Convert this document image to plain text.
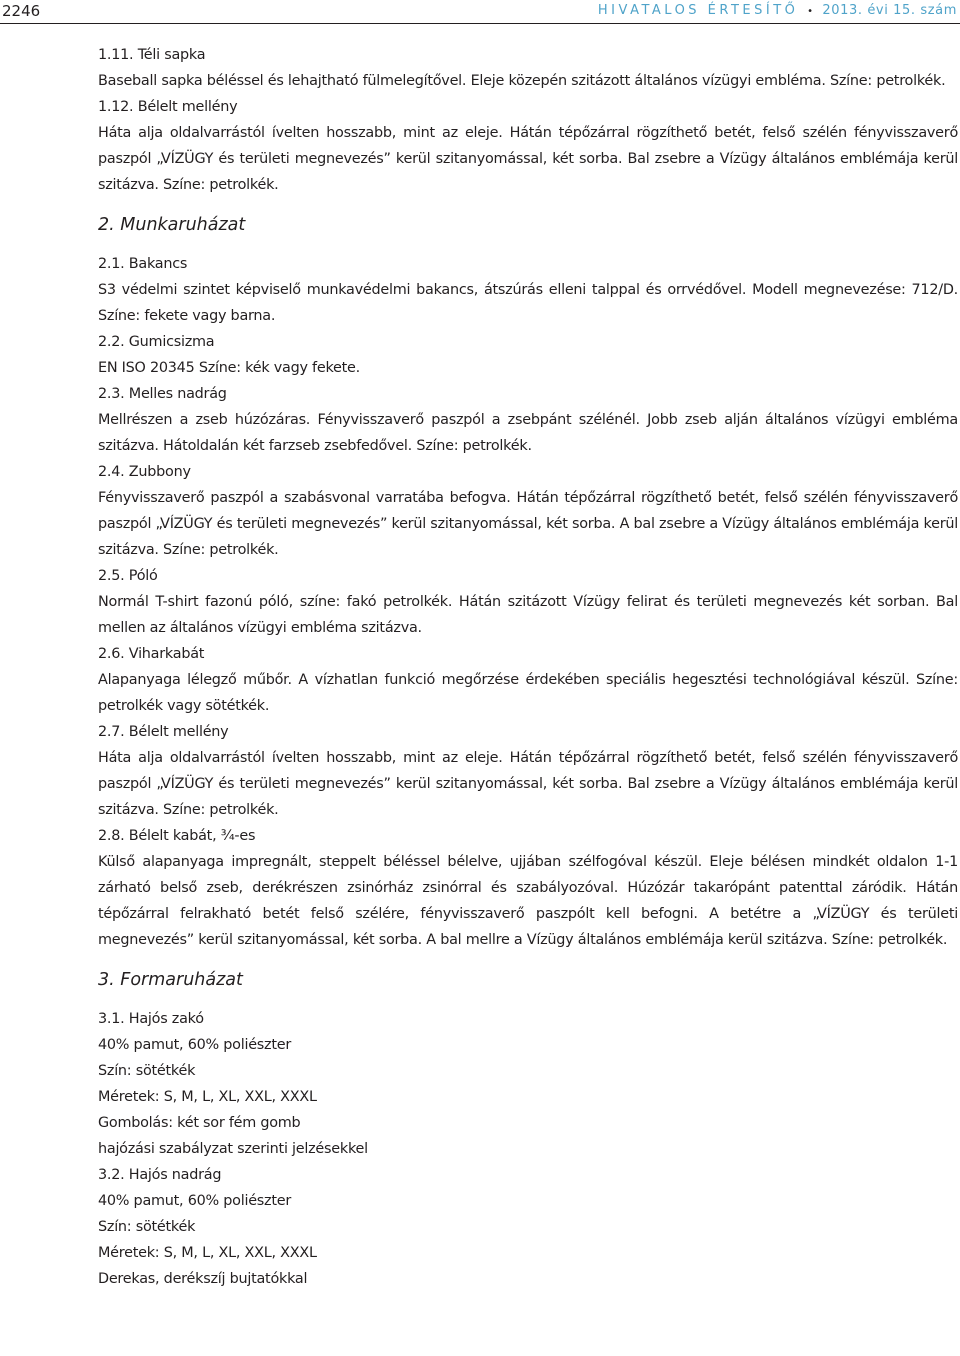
2246	HIVATALOS ÉRTESÍTŐ • 2013. évi 15. szám

1.11. Téli sapka

Baseball sapka béléssel és lehajtható fülmelegítővel. Eleje közepén szitázott általános vízügyi embléma. Színe: petrolkék.

1.12. Bélelt mellény

Háta alja oldalvarrástól ívelten hosszabb, mint az eleje. Hátán tépőzárral rögzíthető betét, felső szélén fényvisszaverő paszpól „VÍZÜGY és területi megnevezés” kerül szitanyomással, két sorba. Bal zsebre a Vízügy általános emblémája kerül szitázva. Színe: petrolkék.

2. Munkaruházat

2.1. Bakancs

S3 védelmi szintet képviselő munkavédelmi bakancs, átszúrás elleni talppal és orrvédővel. Modell megnevezése: 712/D. Színe: fekete vagy barna.

2.2. Gumicsizma

EN ISO 20345 Színe: kék vagy fekete.

2.3. Melles nadrág

Mellrészen a zseb húzózáras. Fényvisszaverő paszpól a zsebpánt szélénél. Jobb zseb alján általános vízügyi embléma szitázva. Hátoldalán két farzseb zsebfedővel. Színe: petrolkék.

2.4. Zubbony

Fényvisszaverő paszpól a szabásvonal varratába befogva. Hátán tépőzárral rögzíthető betét, felső szélén fényvisszaverő paszpól „VÍZÜGY és területi megnevezés” kerül szitanyomással, két sorba. A bal zsebre a Vízügy általános emblémája kerül szitázva. Színe: petrolkék.

2.5. Póló

Normál T-shirt fazonú póló, színe: fakó petrolkék. Hátán szitázott Vízügy felirat és területi megnevezés két sorban. Bal mellen az általános vízügyi embléma szitázva.

2.6. Viharkabát

Alapanyaga lélegző műbőr. A vízhatlan funkció megőrzése érdekében speciális hegesztési technológiával készül. Színe: petrolkék vagy sötétkék.

2.7. Bélelt mellény

Háta alja oldalvarrástól ívelten hosszabb, mint az eleje. Hátán tépőzárral rögzíthető betét, felső szélén fényvisszaverő paszpól „VÍZÜGY és területi megnevezés” kerül szitanyomással, két sorba. Bal zsebre a Vízügy általános emblémája kerül szitázva. Színe: petrolkék.

2.8. Bélelt kabát, ¾-es

Külső alapanyaga impregnált, steppelt béléssel bélelve, ujjában szélfogóval készül. Eleje bélésen mindkét oldalon 1-1 zárható belső zseb, derékrészen zsinórház zsinórral és szabályozóval. Húzózár takarópánt patenttal záródik. Hátán tépőzárral felrakható betét felső szélére, fényvisszaverő paszpólt kell befogni. A betétre a „VÍZÜGY és területi megnevezés” kerül szitanyomással, két sorba. A bal mellre a Vízügy általános emblémája kerül szitázva. Színe: petrolkék.

3. Formaruházat

3.1. Hajós zakó

40% pamut, 60% poliészter

Szín: sötétkék

Méretek: S, M, L, XL, XXL, XXXL

Gombolás: két sor fém gomb

hajózási szabályzat szerinti jelzésekkel

3.2. Hajós nadrág

40% pamut, 60% poliészter

Szín: sötétkék

Méretek: S, M, L, XL, XXL, XXXL

Derekas, derékszíj bujtatókkal
